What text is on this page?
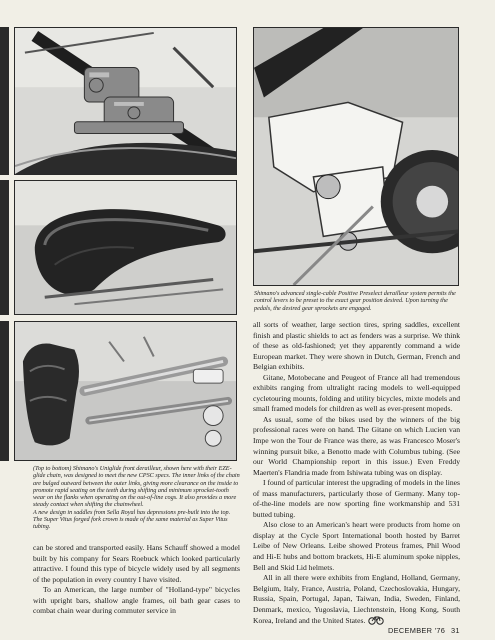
Shimano's advanced single-cable Positive Preselect derailleur system permits the control levers to be preset to the exact gear position desired. Upon turning the pedals, the desired gear sprockets are engaged.

(Top to bottom) Shimano's Uniglide front derailleur, shown here with their EZE-glide chain, was designed to meet the new CPSC specs. The inner links of the chain are bulged outward between the outer links, giving more clearance on the inside to promote rapid seating on the teeth during shifting and minimum sprocket-tooth wear on the flanks when operating on the out-of-line cogs. It also provides a more steady contact when shifting the chainwheel.

A new design in saddles from Sella Royal has depressions pre-built into the top.

The Super Vitus forged fork crown is made of the same material as Super Vitus tubing.

can be stored and transported easily. Hans Schauff showed a model built by his company for Sears Roebuck which looked particularly attractive. I found this type of bicycle widely used by all segments of the population in every country I have visited.

To an American, the large number of "Holland-type" bicycles with upright bars, shallow angle frames, oil bath gear cases to combat chain wear during commuter service in

all sorts of weather, large section tires, spring saddles, excellent finish and plastic shields to act as fenders was a surprise. We think of these as old-fashioned; yet they apparently command a wide European market. They were shown in Dutch, German, French and Belgian exhibits.

Gitane, Motobecane and Peugeot of France all had tremendous exhibits ranging from ultralight racing models to well-equipped cycletouring mounts, folding and utility bicycles, mixte models and small framed models for children as well as ever-present mopeds.

As usual, some of the bikes used by the winners of the big professional races were on hand. The Gitane on which Lucien van Impe won the Tour de France was there, as was Francesco Moser's winning pursuit bike, a Benotto made with Columbus tubing. (See our World Championship report in this issue.) Even Freddy Maerten's Flandria made from Ishiwata tubing was on display.

I found of particular interest the upgrading of models in the lines of mass manufacturers, particularly those of Germany. Many top-of-the-line models are now sporting fine workmanship and 531 butted tubing.

Also close to an American's heart were products from home on display at the Cycle Sport International booth hosted by Barret Leibe of New Orleans. Leibe showed Proteus frames, Phil Wood and Hi-E hubs and bottom brackets, Hi-E aluminum spoke nipples, Bell and Skid Lid helmets.

All in all there were exhibits from England, Holland, Germany, Belgium, Italy, France, Austria, Poland, Czechoslovakia, Hungary, Russia, Spain, Portugal, Japan, Taiwan, India, Sweden, Finland, Denmark, mexico, Yugoslavia, Liechtenstein, Hong Kong, South Korea, Ireland and the United States.

DECEMBER '76 31
